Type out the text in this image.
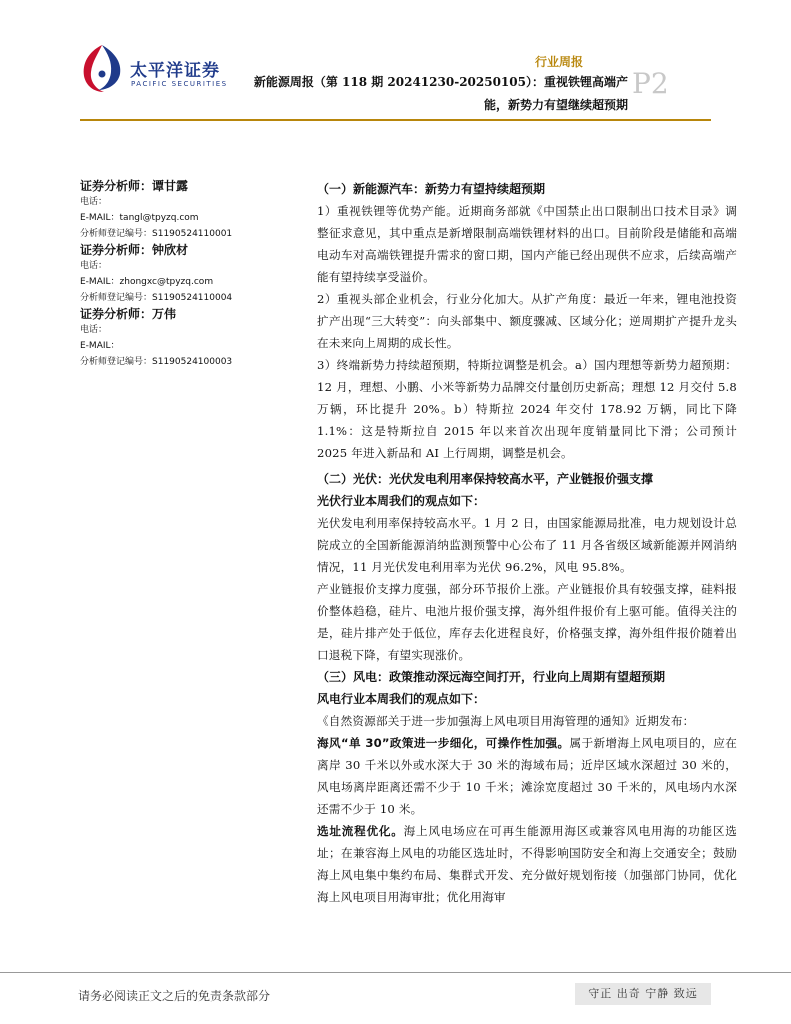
太平洋证券
PACIFIC SECURITIES
行业周报
P2
新能源周报（第 118 期 20241230-20250105）：重视铁锂高端产
能，新势力有望继续超预期
证券分析师：谭甘露
电话：
E-MAIL：tangl@tpyzq.com
分析师登记编号：S1190524110001
证券分析师：钟欣材
电话：
E-MAIL：zhongxc@tpyzq.com
分析师登记编号：S1190524110004
证券分析师：万伟
电话：
E-MAIL：
分析师登记编号：S1190524100003

（一）新能源汽车：新势力有望持续超预期

1）重视铁锂等优势产能。近期商务部就《中国禁止出口限制出口技术目录》调整征求意见，其中重点是新增限制高端铁锂材料的出口。目前阶段是储能和高端电动车对高端铁锂提升需求的窗口期，国内产能已经出现供不应求，后续高端产能有望持续享受溢价。

2）重视头部企业机会，行业分化加大。从扩产角度：最近一年来，锂电池投资扩产出现“三大转变”：向头部集中、额度骤减、区域分化；逆周期扩产提升龙头在未来向上周期的成长性。

3）终端新势力持续超预期，特斯拉调整是机会。a）国内理想等新势力超预期：12 月，理想、小鹏、小米等新势力品牌交付量创历史新高；理想 12 月交付 5.8 万辆，环比提升 20%。b）特斯拉 2024 年交付 178.92 万辆，同比下降 1.1%：这是特斯拉自 2015 年以来首次出现年度销量同比下滑；公司预计 2025 年进入新品和 AI 上行周期，调整是机会。

（二）光伏：光伏发电利用率保持较高水平，产业链报价强支撑

光伏行业本周我们的观点如下：

光伏发电利用率保持较高水平。1 月 2 日，由国家能源局批准，电力规划设计总院成立的全国新能源消纳监测预警中心公布了 11 月各省级区域新能源并网消纳情况，11 月光伏发电利用率为光伏 96.2%，风电 95.8%。

产业链报价支撑力度强，部分环节报价上涨。产业链报价具有较强支撑，硅料报价整体趋稳，硅片、电池片报价强支撑，海外组件报价有上驱可能。值得关注的是，硅片排产处于低位，库存去化进程良好，价格强支撑，海外组件报价随着出口退税下降，有望实现涨价。

（三）风电：政策推动深远海空间打开，行业向上周期有望超预期

风电行业本周我们的观点如下：

《自然资源部关于进一步加强海上风电项目用海管理的通知》近期发布：

海风“单 30”政策进一步细化，可操作性加强。属于新增海上风电项目的，应在离岸 30 千米以外或水深大于 30 米的海域布局；近岸区域水深超过 30 米的，风电场离岸距离还需不少于 10 千米；滩涂宽度超过 30 千米的，风电场内水深还需不少于 10 米。

选址流程优化。海上风电场应在可再生能源用海区或兼容风电用海的功能区选址；在兼容海上风电的功能区选址时，不得影响国防安全和海上交通安全；鼓励海上风电集中集约布局、集群式开发、充分做好规划衔接（加强部门协同，优化海上风电项目用海审批；优化用海审

请务必阅读正文之后的免责条款部分	守正 出奇 宁静 致远
